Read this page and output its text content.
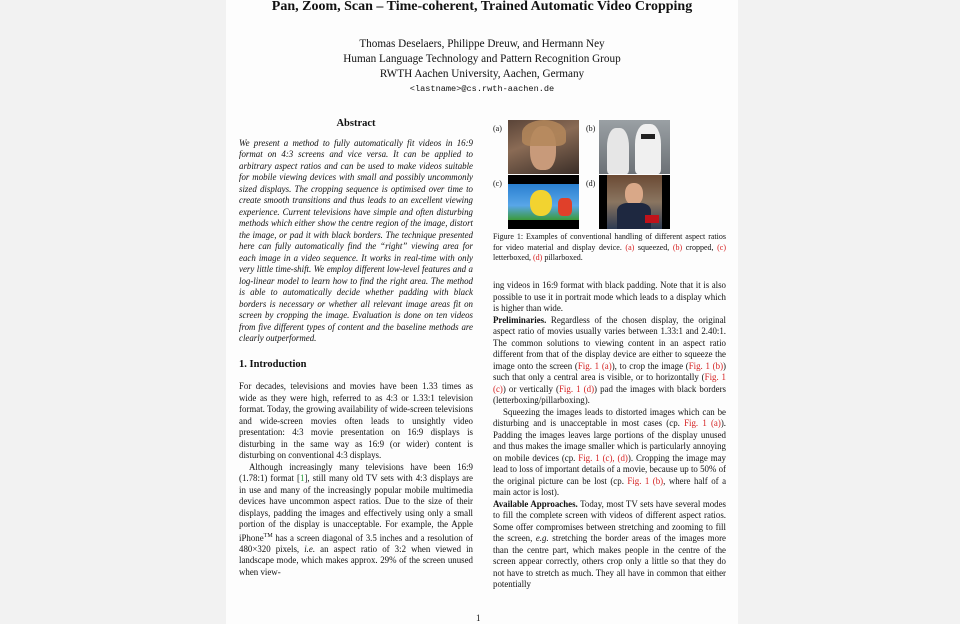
Pan, Zoom, Scan – Time-coherent, Trained Automatic Video Cropping
Thomas Deselaers, Philippe Dreuw, and Hermann Ney
Human Language Technology and Pattern Recognition Group
RWTH Aachen University, Aachen, Germany
<lastname>@cs.rwth-aachen.de
Abstract

We present a method to fully automatically fit videos in 16:9 format on 4:3 screens and vice versa. It can be applied to arbitrary aspect ratios and can be used to make videos suitable for mobile viewing devices with small and possibly uncommonly sized displays. The cropping sequence is optimised over time to create smooth transitions and thus leads to an excellent viewing experience. Current televisions have simple and often disturbing methods which either show the centre region of the image, distort the image, or pad it with black borders. The technique presented here can fully automatically find the “right” viewing area for each image in a video sequence. It works in real-time with only very little time-shift. We employ different low-level features and a log-linear model to learn how to find the right area. The method is able to automatically decide whether padding with black borders is necessary or whether all relevant image areas fit on screen by cropping the image. Evaluation is done on ten videos from five different types of content and the baseline methods are clearly outperformed.

1. Introduction

For decades, televisions and movies have been 1.33 times as wide as they were high, referred to as 4:3 or 1.33:1 television format. Today, the growing availability of wide-screen televisions and wide-screen movies often leads to unsightly video presentation: 4:3 movie presentation on 16:9 displays is disturbing in the same way as 16:9 (or wider) content is disturbing on conventional 4:3 displays.

Although increasingly many televisions have been 16:9 (1.78:1) format [1], still many old TV sets with 4:3 displays are in use and many of the increasingly popular mobile multimedia devices have uncommon aspect ratios. Due to the size of their displays, padding the images and effectively using only a small portion of the display is unacceptable. For example, the Apple iPhone™ has a screen diagonal of 3.5 inches and a resolution of 480×320 pixels, i.e. an aspect ratio of 3:2 when viewed in landscape mode, which makes approx. 29% of the screen unused when view-

(a)	(b)
(c)	(d)
Figure 1: Examples of conventional handling of different aspect ratios for video material and display device. (a) squeezed, (b) cropped, (c) letterboxed, (d) pillarboxed.

ing videos in 16:9 format with black padding. Note that it is also possible to use it in portrait mode which leads to a display which is higher than wide.

Preliminaries. Regardless of the chosen display, the original aspect ratio of movies usually varies between 1.33:1 and 2.40:1. The common solutions to viewing content in an aspect ratio different from that of the display device are either to squeeze the image onto the screen (Fig. 1 (a)), to crop the image (Fig. 1 (b)) such that only a central area is visible, or to horizontally (Fig. 1 (c)) or vertically (Fig. 1 (d)) pad the images with black borders (letterboxing/pillarboxing).

Squeezing the images leads to distorted images which can be disturbing and is unacceptable in most cases (cp. Fig. 1 (a)). Padding the images leaves large portions of the display unused and thus makes the image smaller which is particularly annoying on mobile devices (cp. Fig. 1 (c), (d)). Cropping the image may lead to loss of important details of a movie, because up to 50% of the original picture can be lost (cp. Fig. 1 (b), where half of a main actor is lost).

Available Approaches. Today, most TV sets have several modes to fill the complete screen with videos of different aspect ratios. Some offer compromises between stretching and zooming to fill the screen, e.g. stretching the border areas of the images more than the centre part, which makes people in the centre of the screen appear correctly, others crop only a little so that they do not have to stretch as much. They all have in common that either potentially

1
